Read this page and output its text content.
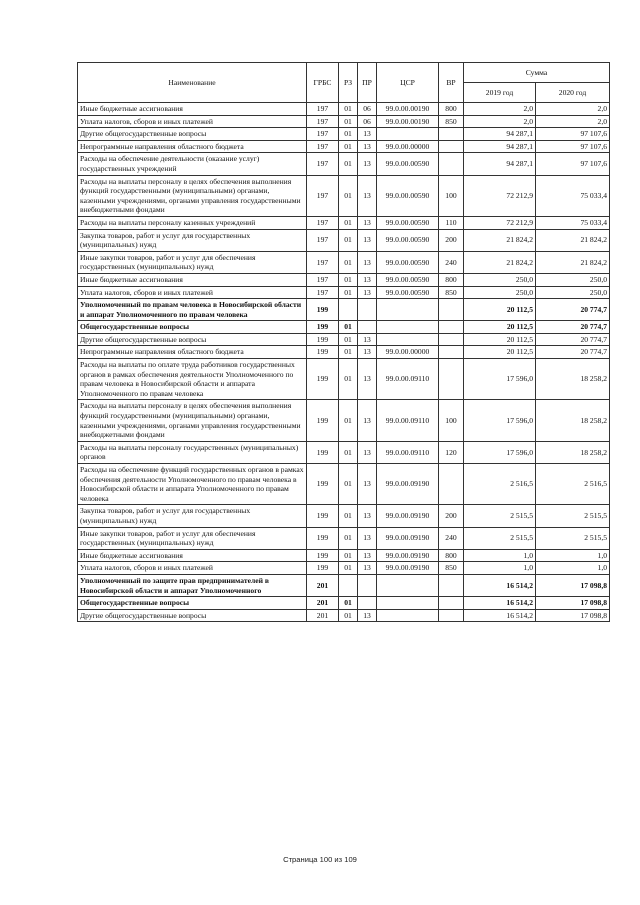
Наименование	ГРБС	РЗ	ПР	ЦСР	ВР	Сумма	
						2019 год	2020 год
Иные бюджетные ассигнования	197	01	06	99.0.00.00190	800	2,0	2,0
Уплата налогов, сборов и иных платежей	197	01	06	99.0.00.00190	850	2,0	2,0
Другие общегосударственные вопросы	197	01	13			94 287,1	97 107,6
Непрограммные направления областного бюджета	197	01	13	99.0.00.00000		94 287,1	97 107,6
Расходы на обеспечение деятельности (оказание услуг) государственных учреждений	197	01	13	99.0.00.00590		94 287,1	97 107,6
Расходы на выплаты персоналу в целях обеспечения выполнения функций государственными (муниципальными) органами, казенными учреждениями, органами управления государственными внебюджетными фондами	197	01	13	99.0.00.00590	100	72 212,9	75 033,4
Расходы на выплаты персоналу казенных учреждений	197	01	13	99.0.00.00590	110	72 212,9	75 033,4
Закупка товаров, работ и услуг для государственных (муниципальных) нужд	197	01	13	99.0.00.00590	200	21 824,2	21 824,2
Иные закупки товаров, работ и услуг для обеспечения государственных (муниципальных) нужд	197	01	13	99.0.00.00590	240	21 824,2	21 824,2
Иные бюджетные ассигнования	197	01	13	99.0.00.00590	800	250,0	250,0
Уплата налогов, сборов и иных платежей	197	01	13	99.0.00.00590	850	250,0	250,0
Уполномоченный по правам человека в Новосибирской области и аппарат Уполномоченного по правам человека	199					20 112,5	20 774,7
Общегосударственные вопросы	199	01				20 112,5	20 774,7
Другие общегосударственные вопросы	199	01	13			20 112,5	20 774,7
Непрограммные направления областного бюджета	199	01	13	99.0.00.00000		20 112,5	20 774,7
Расходы на выплаты по оплате труда работников государственных органов в рамках обеспечения деятельности Уполномоченного по правам человека в Новосибирской области и аппарата Уполномоченного по правам человека	199	01	13	99.0.00.09110		17 596,0	18 258,2
Расходы на выплаты персоналу в целях обеспечения выполнения функций государственными (муниципальными) органами, казенными учреждениями, органами управления государственными внебюджетными фондами	199	01	13	99.0.00.09110	100	17 596,0	18 258,2
Расходы на выплаты персоналу государственных (муниципальных) органов	199	01	13	99.0.00.09110	120	17 596,0	18 258,2
Расходы на обеспечение функций государственных органов в рамках обеспечения деятельности Уполномоченного по правам человека в Новосибирской области и аппарата Уполномоченного по правам человека	199	01	13	99.0.00.09190		2 516,5	2 516,5
Закупка товаров, работ и услуг для государственных (муниципальных) нужд	199	01	13	99.0.00.09190	200	2 515,5	2 515,5
Иные закупки товаров, работ и услуг для обеспечения государственных (муниципальных) нужд	199	01	13	99.0.00.09190	240	2 515,5	2 515,5
Иные бюджетные ассигнования	199	01	13	99.0.00.09190	800	1,0	1,0
Уплата налогов, сборов и иных платежей	199	01	13	99.0.00.09190	850	1,0	1,0
Уполномоченный по защите прав предпринимателей в Новосибирской области и аппарат Уполномоченного	201					16 514,2	17 098,8
Общегосударственные вопросы	201	01				16 514,2	17 098,8
Другие общегосударственные вопросы	201	01	13			16 514,2	17 098,8
Страница 100 из 109
